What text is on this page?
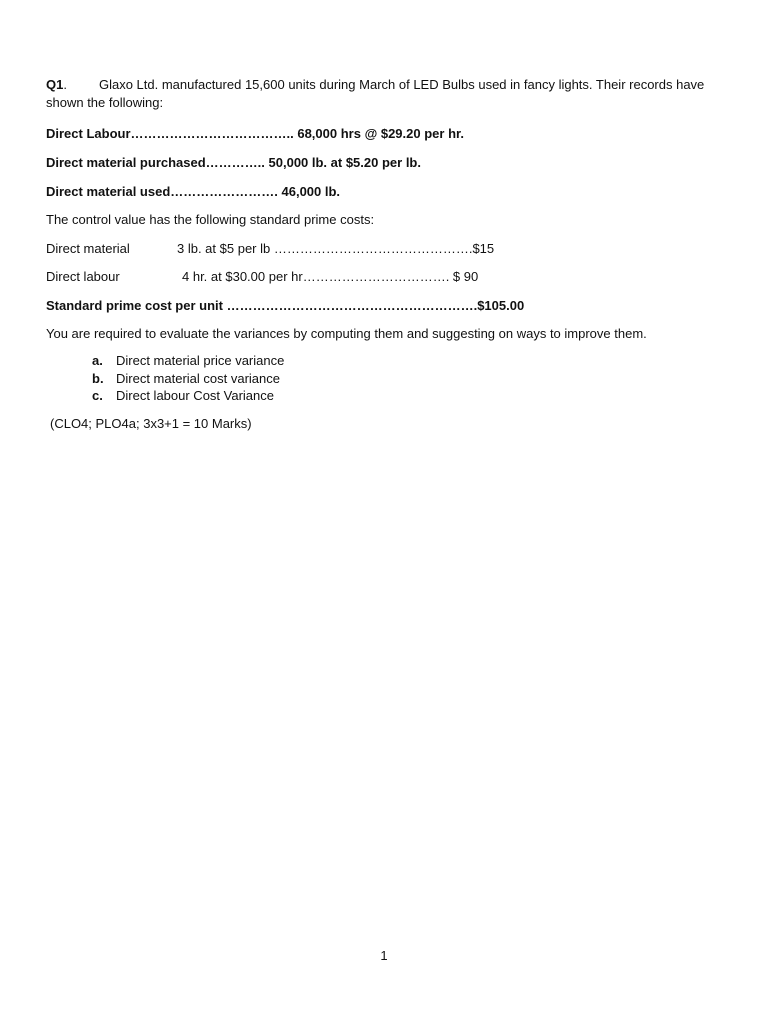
Q1. Glaxo Ltd. manufactured 15,600 units during March of LED Bulbs used in fancy lights. Their records have shown the following:
Direct Labour……………………………….. 68,000 hrs @ $29.20 per hr.
Direct material purchased………….. 50,000 lb. at $5.20 per lb.
Direct material used……………………. 46,000 lb.
The control value has the following standard prime costs:
Direct material	3 lb. at $5 per lb ……………………………………….$15
Direct labour	4 hr. at $30.00 per hr……………………………. $ 90
Standard prime cost per unit ………………………………………………….$105.00
You are required to evaluate the variances by computing them and suggesting on ways to improve them.
a. Direct material price variance
b. Direct material cost variance
c. Direct labour Cost Variance
(CLO4; PLO4a; 3x3+1 = 10 Marks)
1
